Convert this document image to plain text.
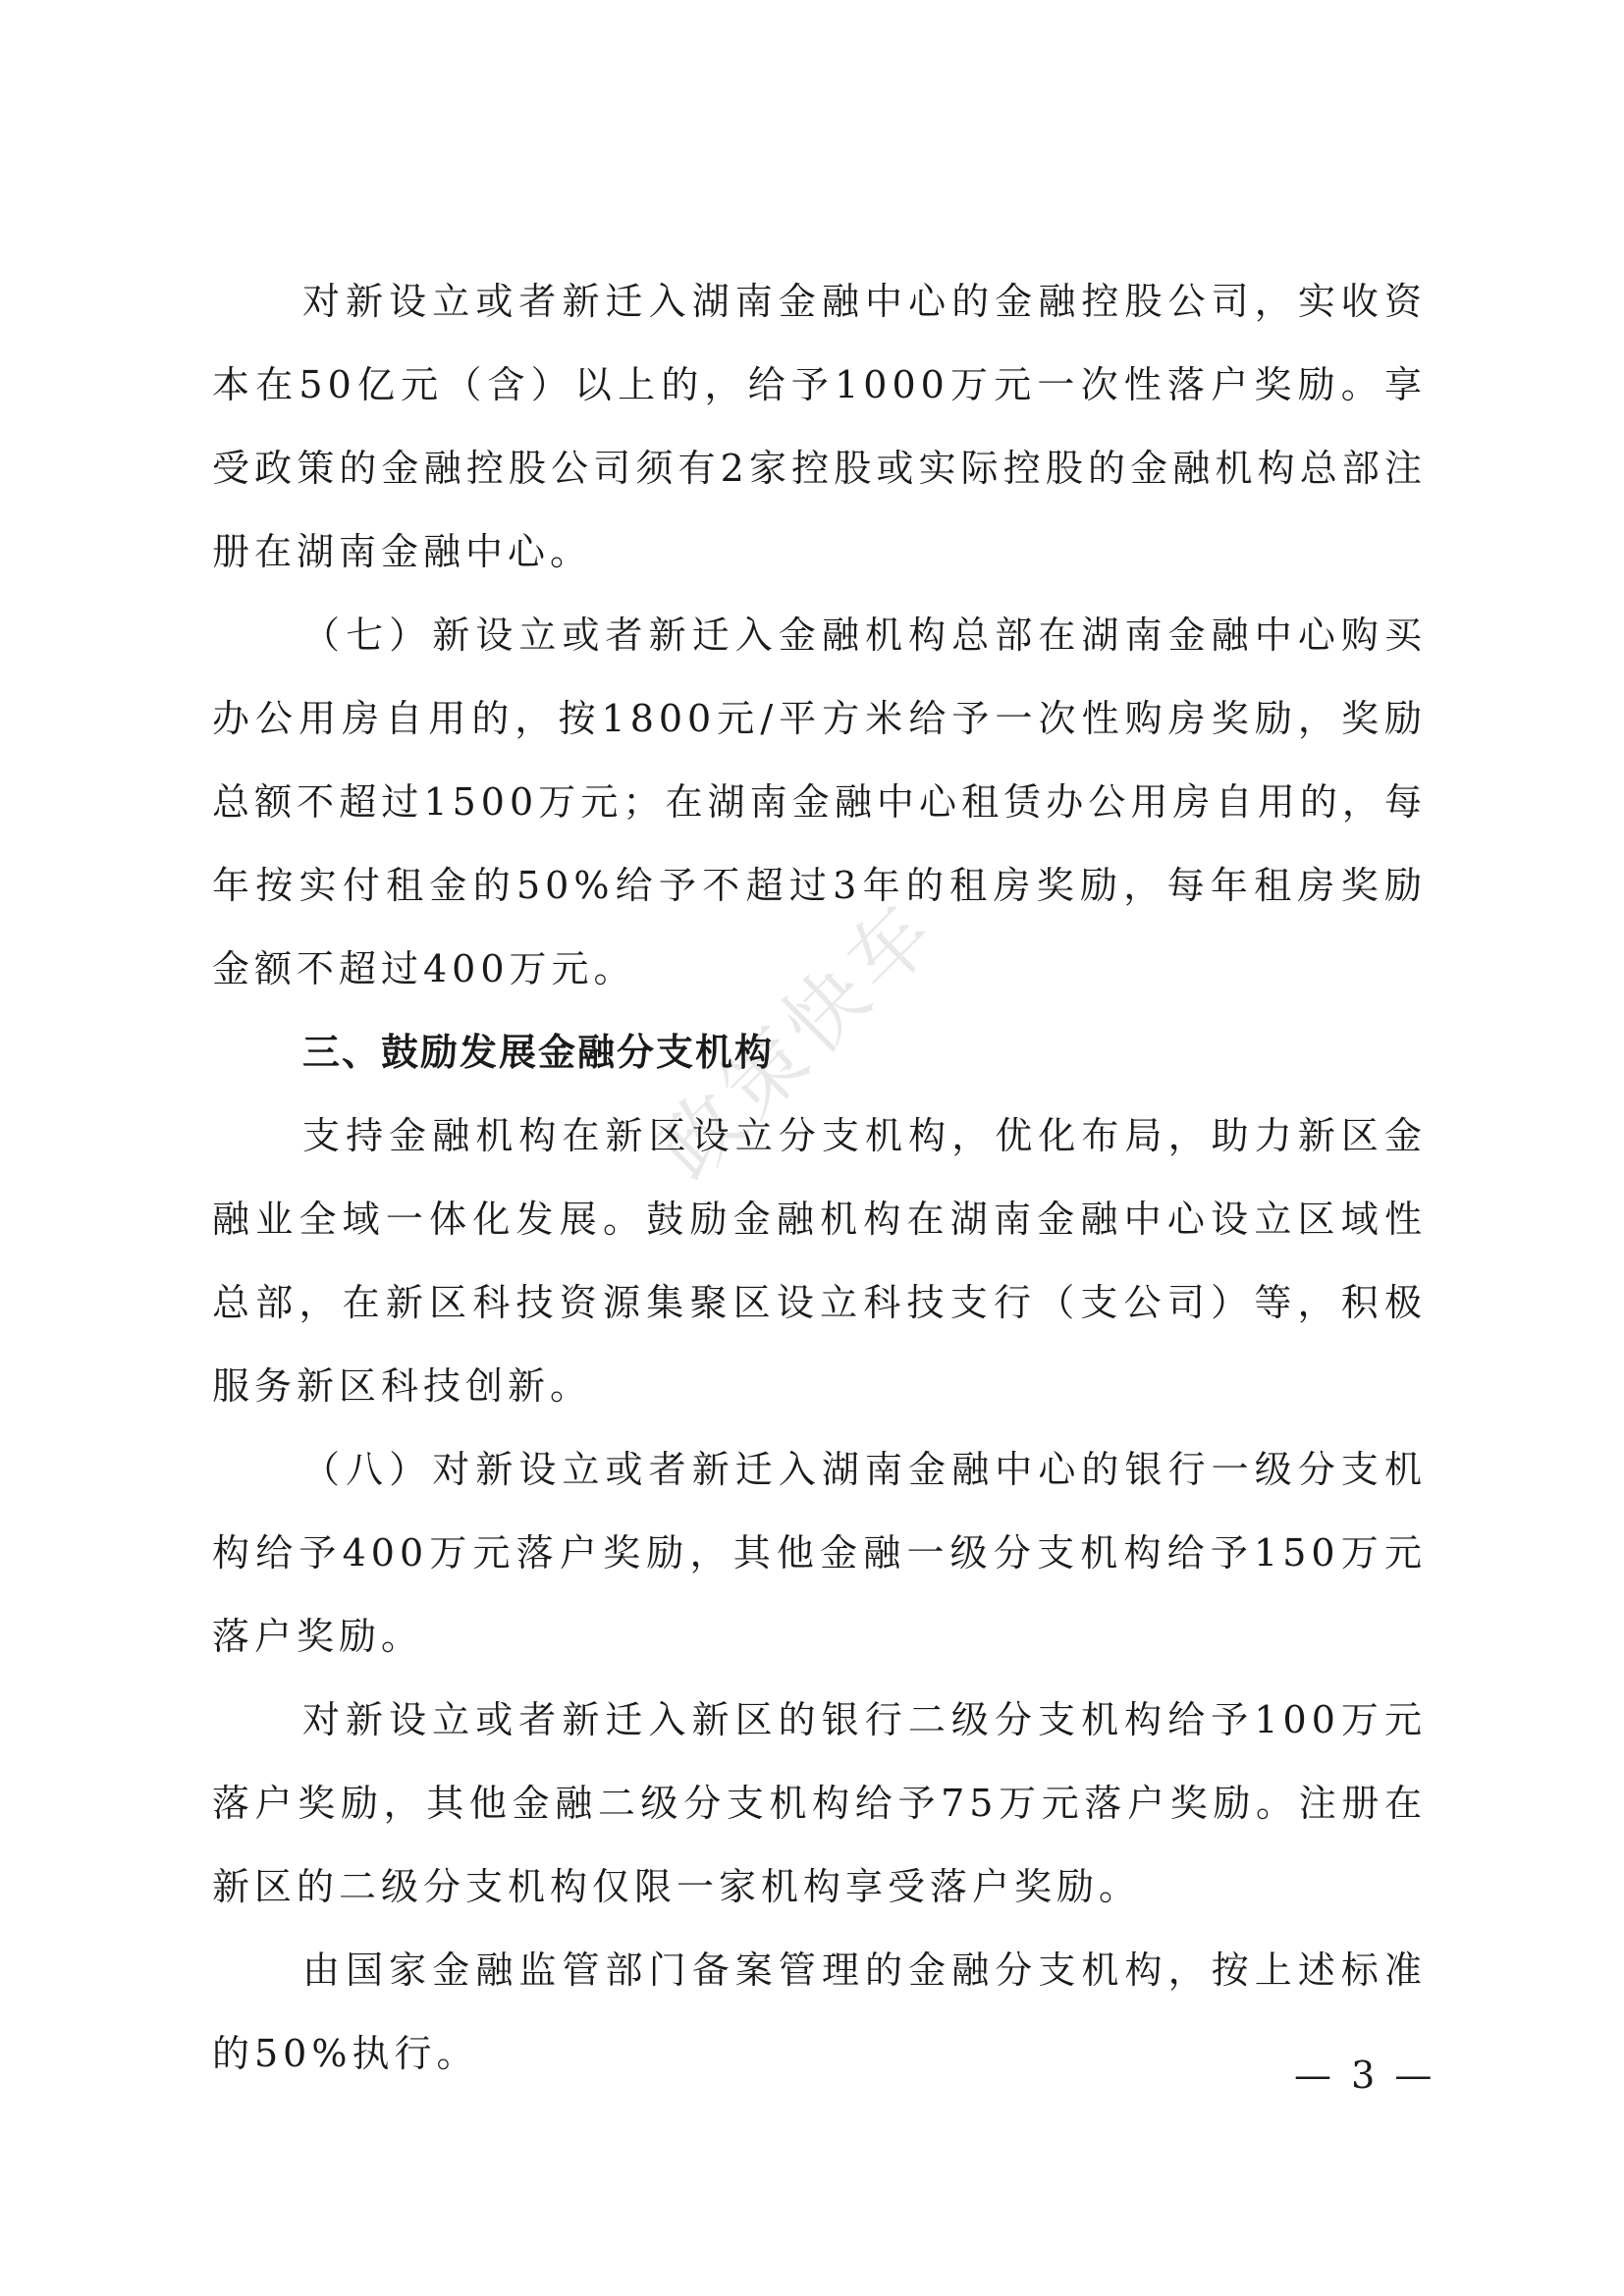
政策快车

对新设立或者新迁入湖南金融中心的金融控股公司，实收资本在50亿元（含）以上的，给予1000万元一次性落户奖励。享受政策的金融控股公司须有2家控股或实际控股的金融机构总部注册在湖南金融中心。

（七）新设立或者新迁入金融机构总部在湖南金融中心购买办公用房自用的，按1800元/平方米给予一次性购房奖励，奖励总额不超过1500万元；在湖南金融中心租赁办公用房自用的，每年按实付租金的50%给予不超过3年的租房奖励，每年租房奖励金额不超过400万元。

三、鼓励发展金融分支机构

支持金融机构在新区设立分支机构，优化布局，助力新区金融业全域一体化发展。鼓励金融机构在湖南金融中心设立区域性总部，在新区科技资源集聚区设立科技支行（支公司）等，积极服务新区科技创新。

（八）对新设立或者新迁入湖南金融中心的银行一级分支机构给予400万元落户奖励，其他金融一级分支机构给予150万元落户奖励。

对新设立或者新迁入新区的银行二级分支机构给予100万元落户奖励，其他金融二级分支机构给予75万元落户奖励。注册在新区的二级分支机构仅限一家机构享受落户奖励。

由国家金融监管部门备案管理的金融分支机构，按上述标准的50%执行。	— 3 —
